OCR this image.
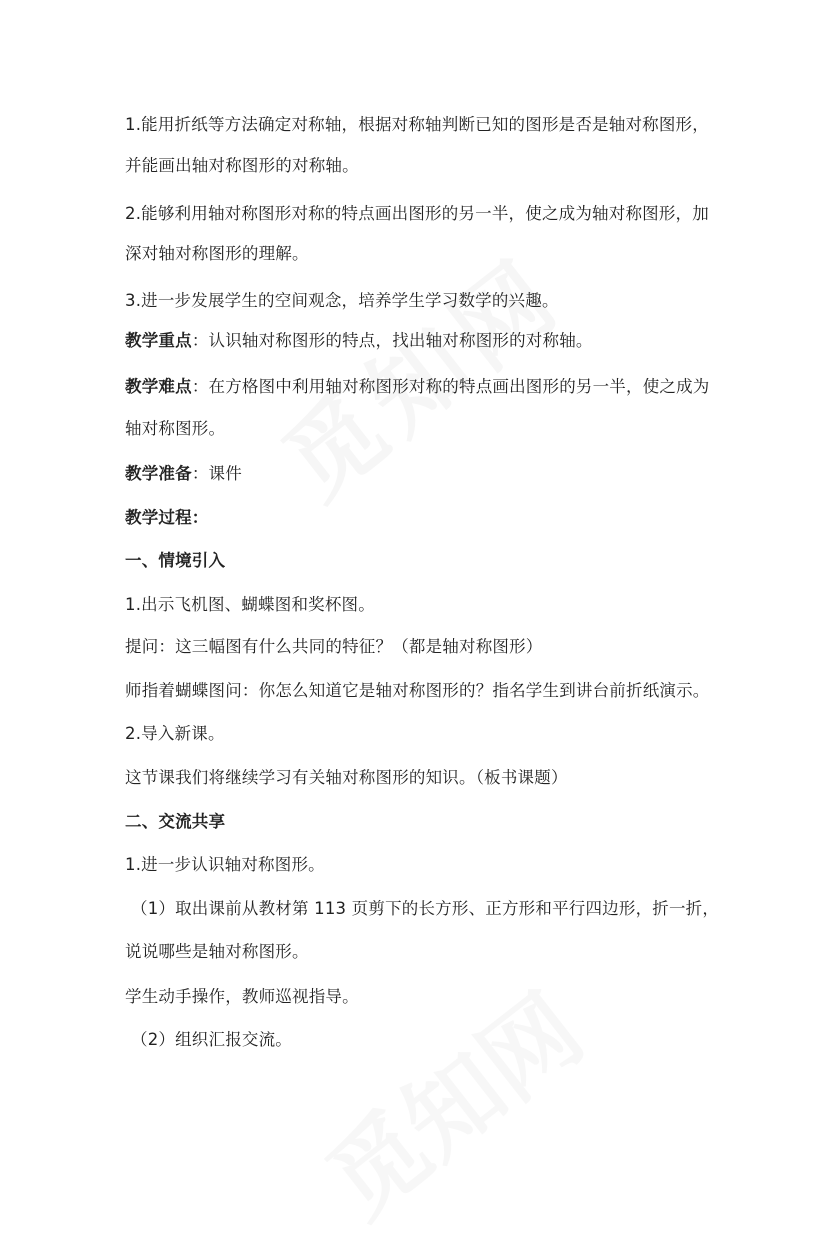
1.能用折纸等方法确定对称轴，根据对称轴判断已知的图形是否是轴对称图形，
并能画出轴对称图形的对称轴。
2.能够利用轴对称图形对称的特点画出图形的另一半，使之成为轴对称图形，加
深对轴对称图形的理解。
3.进一步发展学生的空间观念，培养学生学习数学的兴趣。
教学重点：认识轴对称图形的特点，找出轴对称图形的对称轴。
教学难点：在方格图中利用轴对称图形对称的特点画出图形的另一半，使之成为
轴对称图形。
教学准备：课件
教学过程：
一、情境引入
1.出示飞机图、蝴蝶图和奖杯图。
提问：这三幅图有什么共同的特征？（都是轴对称图形）
师指着蝴蝶图问：你怎么知道它是轴对称图形的？指名学生到讲台前折纸演示。
2.导入新课。
这节课我们将继续学习有关轴对称图形的知识。（板书课题）
二、交流共享
1.进一步认识轴对称图形。
（1）取出课前从教材第 113 页剪下的长方形、正方形和平行四边形，折一折，
说说哪些是轴对称图形。
学生动手操作，教师巡视指导。
（2）组织汇报交流。
